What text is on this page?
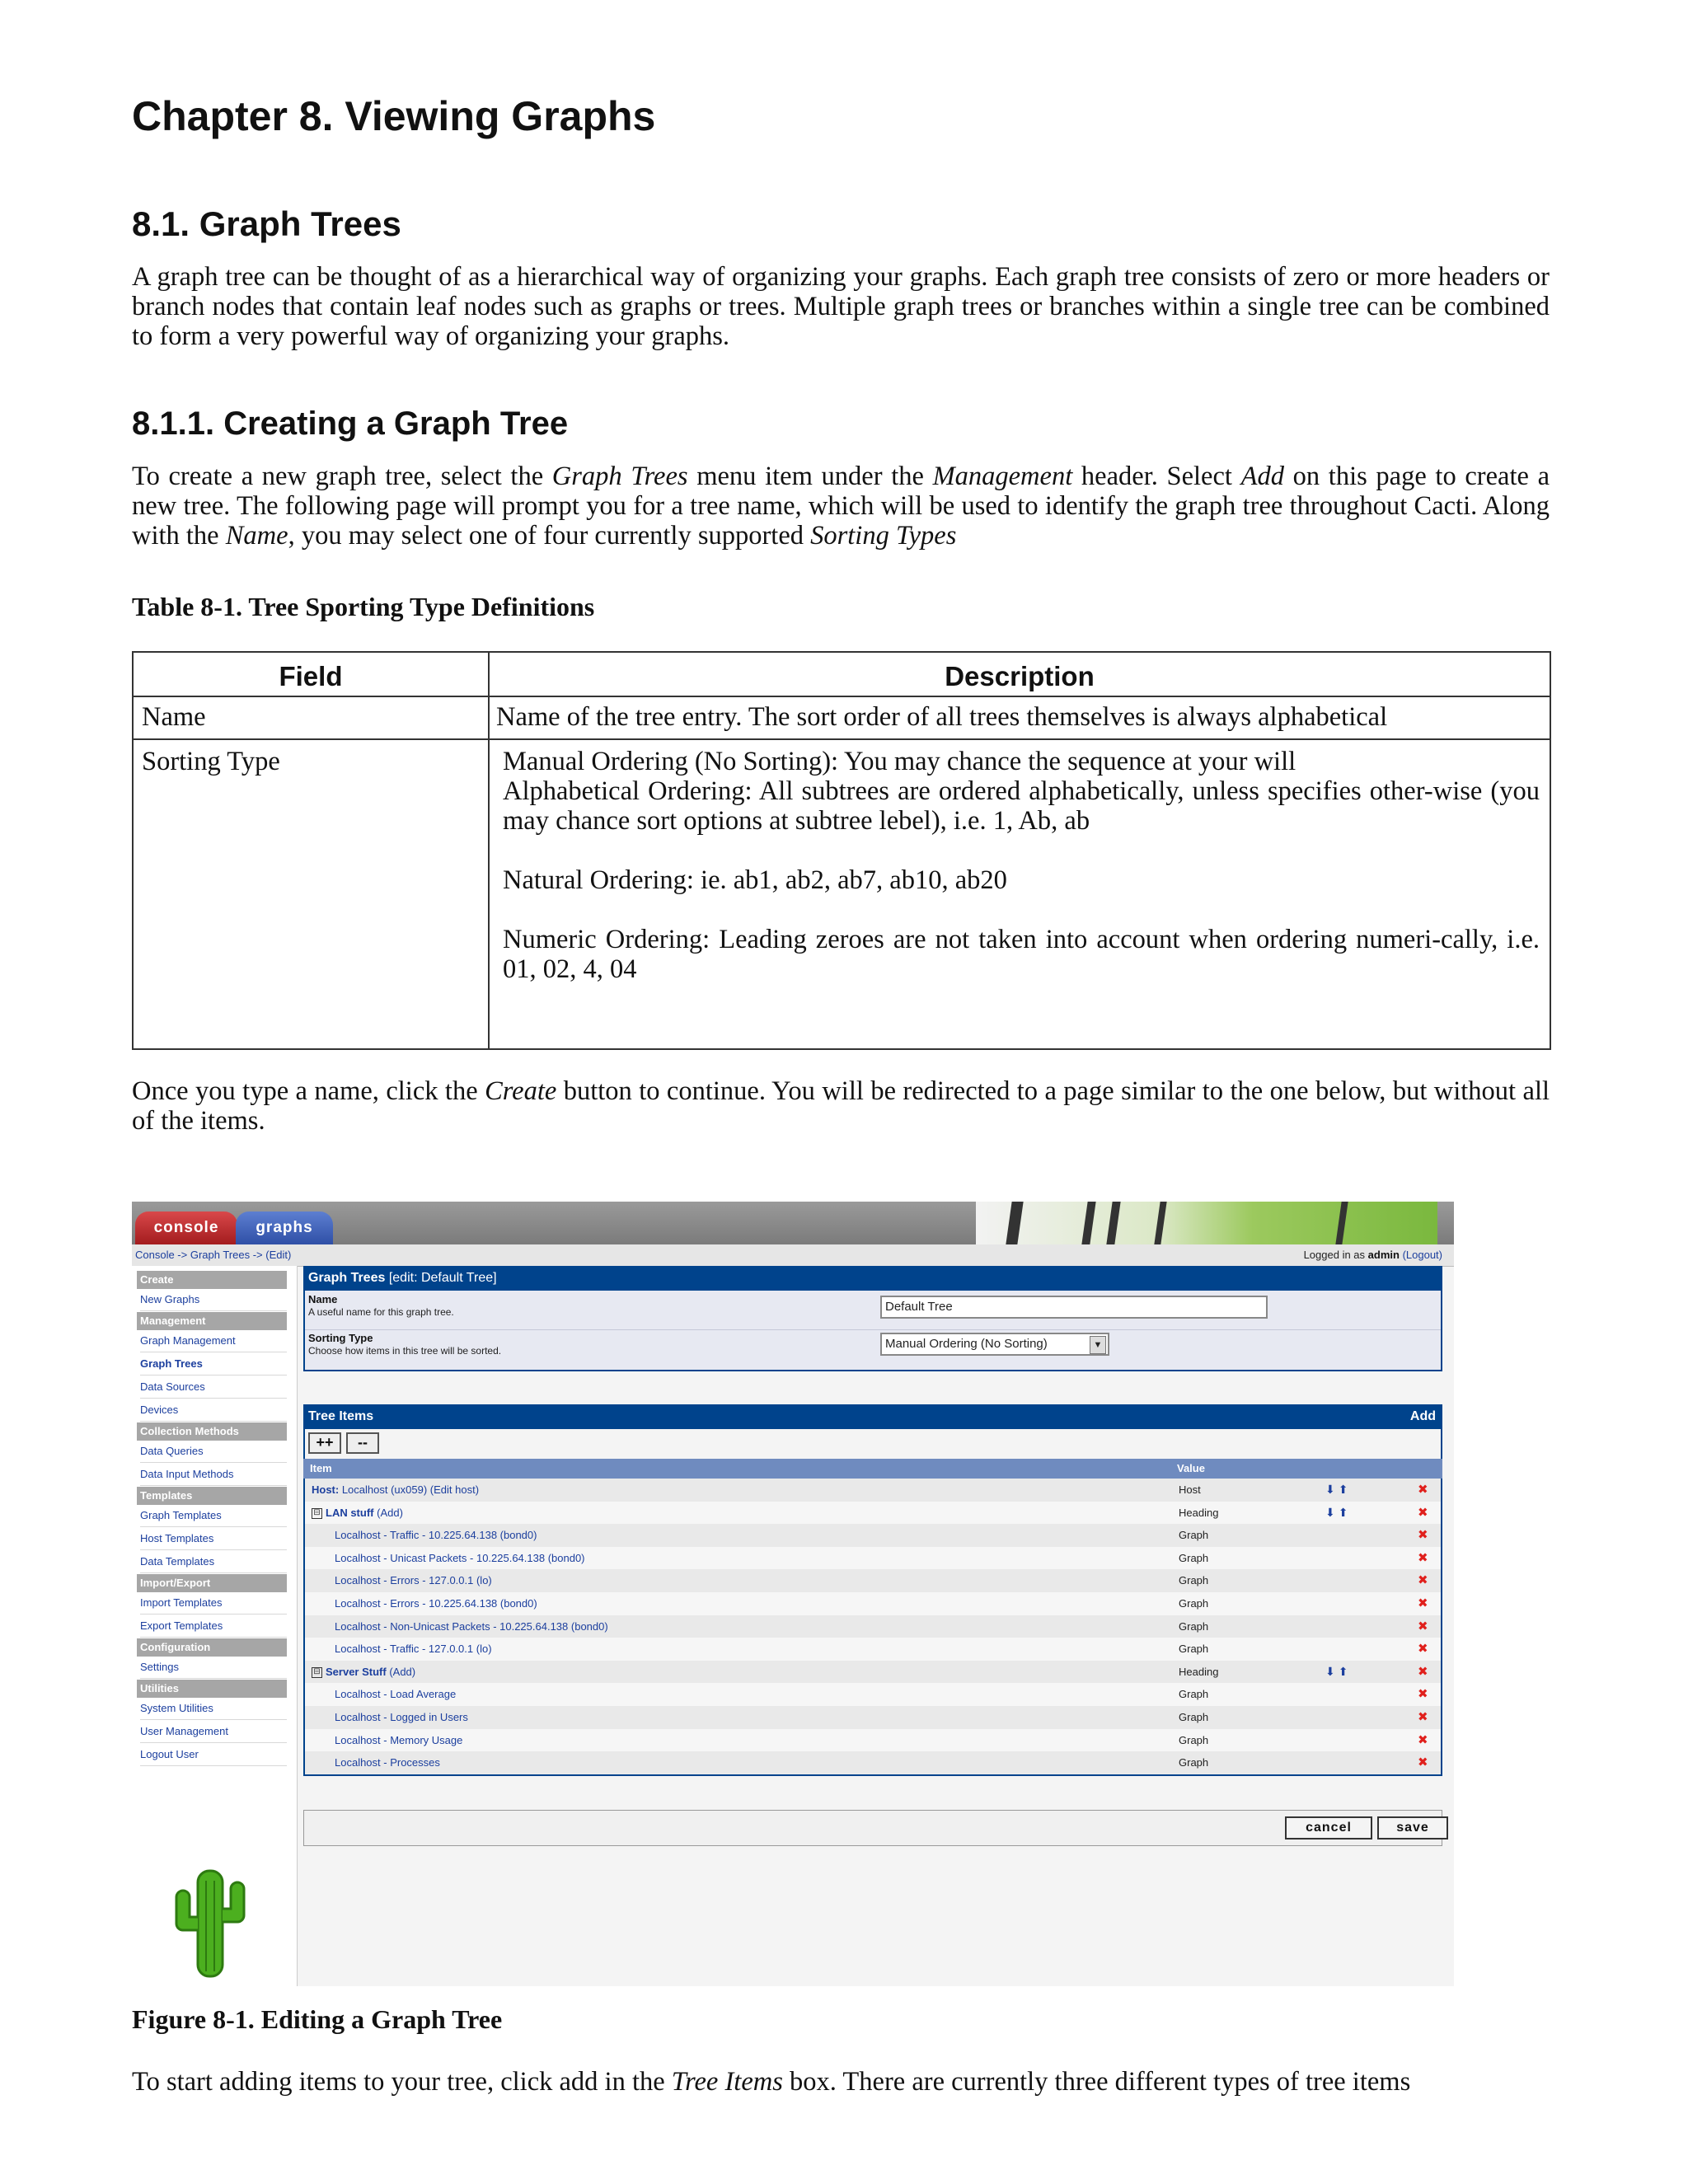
Chapter 8. Viewing Graphs
8.1. Graph Trees

A graph tree can be thought of as a hierarchical way of organizing your graphs. Each graph tree consists of zero or more headers or branch nodes that contain leaf nodes such as graphs or trees. Multiple graph trees or branches within a single tree can be combined to form a very powerful way of organizing your graphs.

8.1.1. Creating a Graph Tree

To create a new graph tree, select the Graph Trees menu item under the Management header. Select Add on this page to create a new tree. The following page will prompt you for a tree name, which will be used to identify the graph tree throughout Cacti. Along with the Name, you may select one of four currently supported Sorting Types

Table 8-1. Tree Sporting Type Definitions

Field	Description
Name	Name of the tree entry. The sort order of all trees themselves is always alphabetical
Sorting Type	Manual Ordering (No Sorting): You may chance the sequence at your will
Alphabetical Ordering: All subtrees are ordered alphabetically, unless specifies other-wise (you may chance sort options at subtree lebel), i.e. 1, Ab, ab
Natural Ordering: ie. ab1, ab2, ab7, ab10, ab20
Numeric Ordering: Leading zeroes are not taken into account when ordering numeri-cally, i.e. 01, 02, 4, 04

Once you type a name, click the Create button to continue. You will be redirected to a page similar to the one below, but without all of the items.

console	graphs
Console -> Graph Trees -> (Edit)	Logged in as admin (Logout)
Create
New Graphs
Management
Graph Management
Graph Trees
Data Sources
Devices
Collection Methods
Data Queries
Data Input Methods
Templates
Graph Templates
Host Templates
Data Templates
Import/Export
Import Templates
Export Templates
Configuration
Settings
Utilities
System Utilities
User Management
Logout User
Graph Trees [edit: Default Tree]
Name
A useful name for this graph tree.	Default Tree
Sorting Type
Choose how items in this tree will be sorted.	Manual Ordering (No Sorting)	▼
Tree Items	Add
++	--
Item	Value
Host: Localhost (ux059) (Edit host)	Host	⬇⬆	✖
⊟ LAN stuff (Add)	Heading	⬇⬆	✖
Localhost - Traffic - 10.225.64.138 (bond0)	Graph	✖
Localhost - Unicast Packets - 10.225.64.138 (bond0)	Graph	✖
Localhost - Errors - 127.0.0.1 (lo)	Graph	✖
Localhost - Errors - 10.225.64.138 (bond0)	Graph	✖
Localhost - Non-Unicast Packets - 10.225.64.138 (bond0)	Graph	✖
Localhost - Traffic - 127.0.0.1 (lo)	Graph	✖
⊟ Server Stuff (Add)	Heading	⬇⬆	✖
Localhost - Load Average	Graph	✖
Localhost - Logged in Users	Graph	✖
Localhost - Memory Usage	Graph	✖
Localhost - Processes	Graph	✖
cancel	save

Figure 8-1. Editing a Graph Tree

To start adding items to your tree, click add in the Tree Items box. There are currently three different types of tree items
